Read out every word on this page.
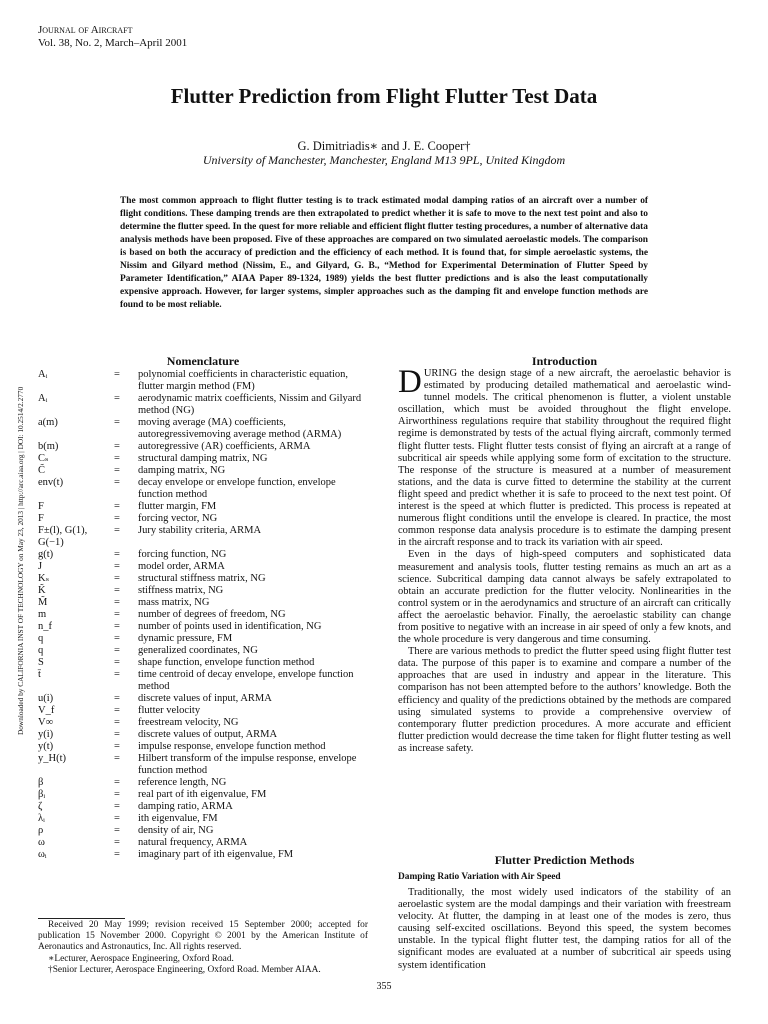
Journal of Aircraft
Vol. 38, No. 2, March–April 2001
Flutter Prediction from Flight Flutter Test Data
G. Dimitriadis∗ and J. E. Cooper†
University of Manchester, Manchester, England M13 9PL, United Kingdom

The most common approach to flight flutter testing is to track estimated modal damping ratios of an aircraft over a number of flight conditions. These damping trends are then extrapolated to predict whether it is safe to move to the next test point and also to determine the flutter speed. In the quest for more reliable and efficient flight flutter testing procedures, a number of alternative data analysis methods have been proposed. Five of these approaches are compared on two simulated aeroelastic models. The comparison is based on both the accuracy of prediction and the efficiency of each method. It is found that, for simple aeroelastic systems, the Nissim and Gilyard method (Nissim, E., and Gilyard, G. B., “Method for Experimental Determination of Flutter Speed by Parameter Identification,” AIAA Paper 89-1324, 1989) yields the best flutter predictions and is also the least computationally expensive approach. However, for larger systems, simpler approaches such as the damping fit and envelope function methods are found to be most reliable.

Downloaded by CALIFORNIA INST OF TECHNOLOGY on May 23, 2013 | http://arc.aiaa.org | DOI: 10.2514/2.2770
Nomenclature
Aᵢ	=	polynomial coefficients in characteristic equation, flutter margin method (FM)
Aᵢ	=	aerodynamic matrix coefficients, Nissim and Gilyard method (NG)
a(m)	=	moving average (MA) coefficients, autoregressivemoving average method (ARMA)
b(m)	=	autoregressive (AR) coefficients, ARMA
Cₛ	=	structural damping matrix, NG
C̃	=	damping matrix, NG
env(t)	=	decay envelope or envelope function, envelope function method
F	=	flutter margin, FM
F	=	forcing vector, NG
F±(l), G(1),	=	Jury stability criteria, ARMA
G(−1)
g(t)	=	forcing function, NG
J	=	model order, ARMA
Kₛ	=	structural stiffness matrix, NG
K̃	=	stiffness matrix, NG
M̃	=	mass matrix, NG
m	=	number of degrees of freedom, NG
n_f	=	number of points used in identification, NG
q	=	dynamic pressure, FM
q	=	generalized coordinates, NG
S	=	shape function, envelope function method
t̄	=	time centroid of decay envelope, envelope function method
u(i)	=	discrete values of input, ARMA
V_f	=	flutter velocity
V∞	=	freestream velocity, NG
y(i)	=	discrete values of output, ARMA
y(t)	=	impulse response, envelope function method
y_H(t)	=	Hilbert transform of the impulse response, envelope function method
β	=	reference length, NG
βᵢ	=	real part of ith eigenvalue, FM
ζ	=	damping ratio, ARMA
λᵢ	=	ith eigenvalue, FM
ρ	=	density of air, NG
ω	=	natural frequency, ARMA
ωᵢ	=	imaginary part of ith eigenvalue, FM
Introduction

DURING the design stage of a new aircraft, the aeroelastic behavior is estimated by producing detailed mathematical and aeroelastic wind-tunnel models. The critical phenomenon is flutter, a violent unstable oscillation, which must be avoided throughout the flight envelope. Airworthiness regulations require that stability throughout the required flight regime is demonstrated by tests of the actual flying aircraft, commonly termed flight flutter tests. Flight flutter tests consist of flying an aircraft at a range of subcritical air speeds while applying some form of excitation to the structure. The response of the structure is measured at a number of measurement stations, and the data is curve fitted to determine the stability at the current flight speed and predict whether it is safe to proceed to the next test point. Of interest is the speed at which flutter is predicted. This process is repeated at numerous flight conditions until the envelope is cleared. In practice, the most common response data analysis procedure is to estimate the damping present in the aircraft response and to track its variation with air speed.

Even in the days of high-speed computers and sophisticated data measurement and analysis tools, flutter testing remains as much an art as a science. Subcritical damping data cannot always be safely extrapolated to obtain an accurate prediction for the flutter velocity. Nonlinearities in the control system or in the aerodynamics and structure of an aircraft can critically affect the aeroelastic behavior. Finally, the aeroelastic stability can change from positive to negative with an increase in air speed of only a few knots, and the whole procedure is very dangerous and time consuming.

There are various methods to predict the flutter speed using flight flutter test data. The purpose of this paper is to examine and compare a number of the approaches that are used in industry and appear in the literature. This comparison has not been attempted before to the authors’ knowledge. Both the efficiency and quality of the predictions obtained by the methods are compared using simulated systems to provide a comprehensive overview of contemporary flutter prediction procedures. A more accurate and efficient flutter prediction would decrease the time taken for flight flutter testing as well as increase safety.

Flutter Prediction Methods
Damping Ratio Variation with Air Speed

Traditionally, the most widely used indicators of the stability of an aeroelastic system are the modal dampings and their variation with freestream velocity. At flutter, the damping in at least one of the modes is zero, thus causing self-excited oscillations. Beyond this speed, the system becomes unstable. In the typical flight flutter test, the damping ratios for all of the significant modes are evaluated at a number of subcritical air speeds using system identification

Received 20 May 1999; revision received 15 September 2000; accepted for publication 15 November 2000. Copyright © 2001 by the American Institute of Aeronautics and Astronautics, Inc. All rights reserved.

∗Lecturer, Aerospace Engineering, Oxford Road.

†Senior Lecturer, Aerospace Engineering, Oxford Road. Member AIAA.

355
